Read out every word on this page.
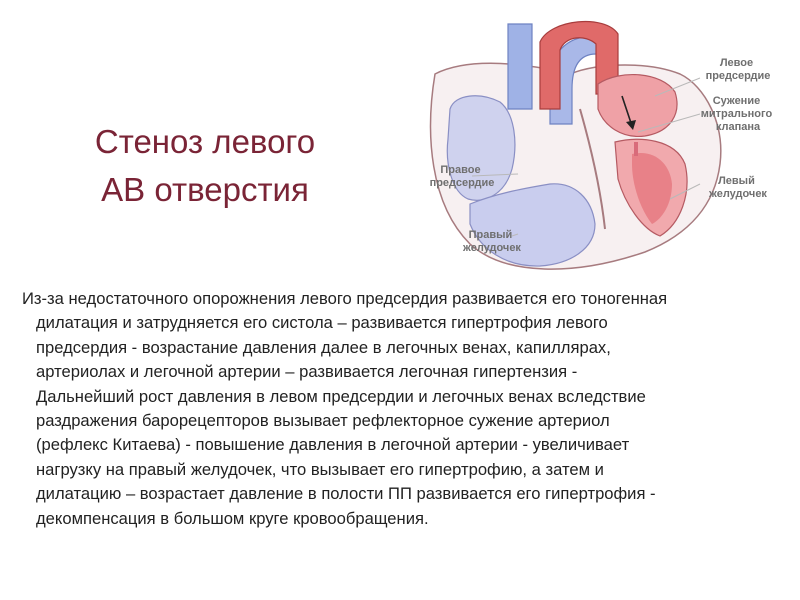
Стеноз левого
АВ отверстия
Левое предсердие
Сужение митрального клапана
Правое предсердие	Левый желудочек
Правый желудочек
Из-за недостаточного опорожнения левого предсердия развивается его тоногенная
дилатация и затрудняется его систола – развивается гипертрофия левого
предсердия - возрастание давления далее в легочных венах, капиллярах,
артериолах и легочной артерии – развивается легочная гипертензия -
Дальнейший рост давления в левом предсердии и легочных венах вследствие
раздражения барорецепторов вызывает рефлекторное сужение артериол
(рефлекс Китаева) - повышение давления в легочной артерии - увеличивает
нагрузку на правый желудочек, что вызывает его гипертрофию, а затем и
дилатацию – возрастает давление в полости ПП развивается его гипертрофия -
декомпенсация в большом круге кровообращения.
